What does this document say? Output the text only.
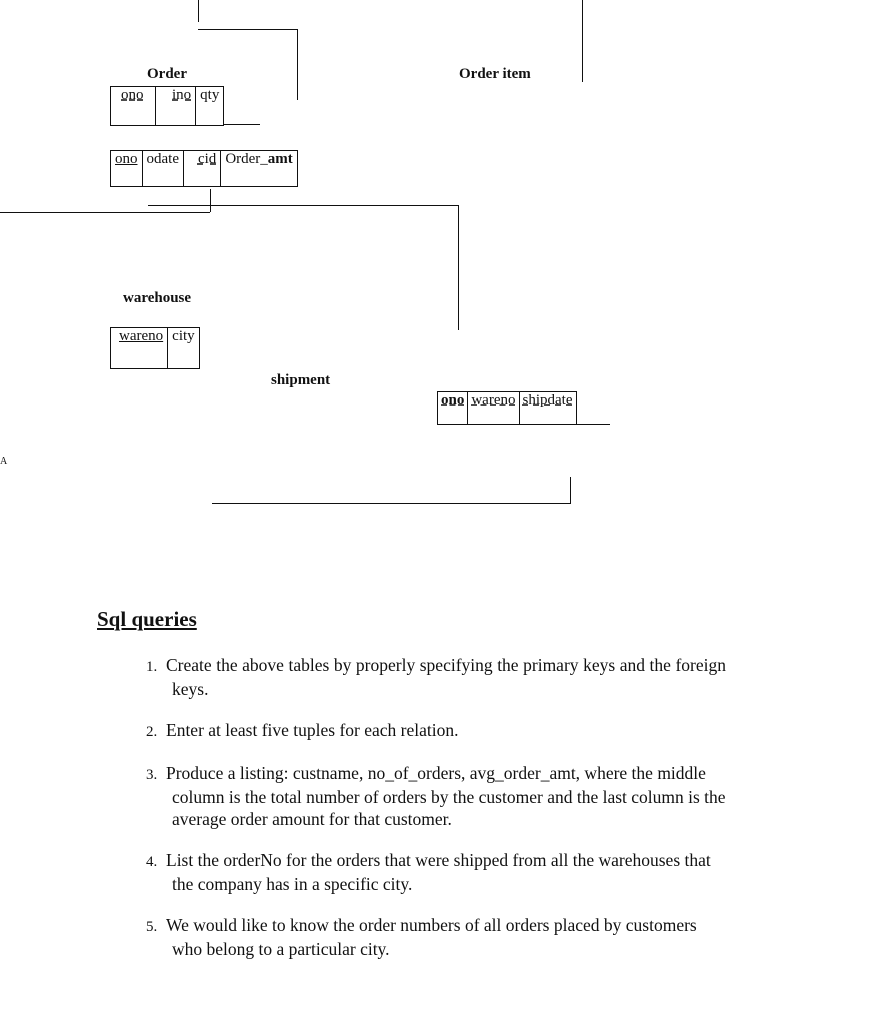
Order	Order item
warehouse
shipment
A
ono	ino	qty
ono	odate	cid	Order_amt
wareno	city
ono	wareno	shipdate
Sql queries
1. Create the above tables by properly specifying the primary keys and the foreign keys.
2. Enter at least five tuples for each relation.
3. Produce a listing: custname, no_of_orders, avg_order_amt, where the middle column is the total number of orders by the customer and the last column is the average order amount for that customer.
4. List the orderNo for the orders that were shipped from all the warehouses that the company has in a specific city.
5. We would like to know the order numbers of all orders placed by customers who belong to a particular city.
